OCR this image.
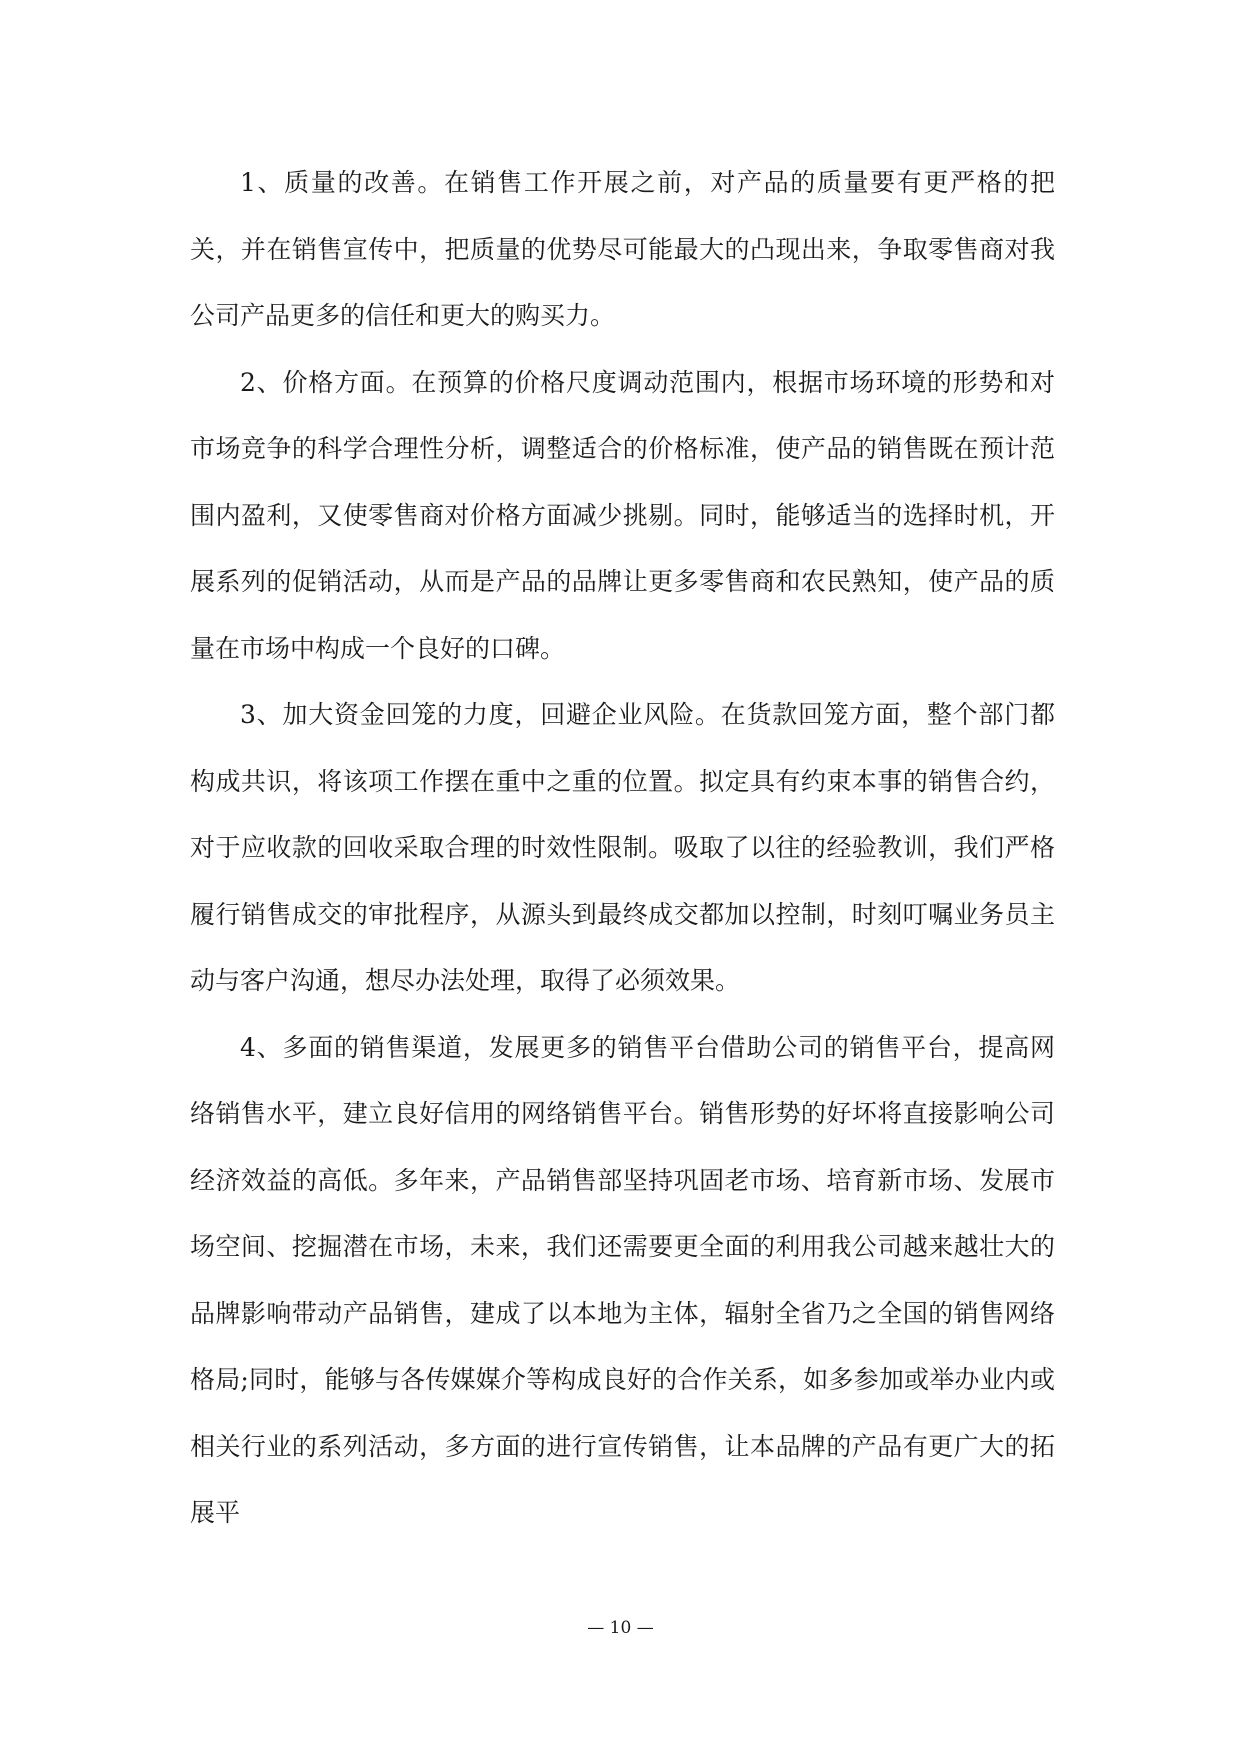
1、质量的改善。在销售工作开展之前，对产品的质量要有更严格的把关，并在销售宣传中，把质量的优势尽可能最大的凸现出来，争取零售商对我公司产品更多的信任和更大的购买力。

2、价格方面。在预算的价格尺度调动范围内，根据市场环境的形势和对市场竞争的科学合理性分析，调整适合的价格标准，使产品的销售既在预计范围内盈利，又使零售商对价格方面减少挑剔。同时，能够适当的选择时机，开展系列的促销活动，从而是产品的品牌让更多零售商和农民熟知，使产品的质量在市场中构成一个良好的口碑。

3、加大资金回笼的力度，回避企业风险。在货款回笼方面，整个部门都构成共识，将该项工作摆在重中之重的位置。拟定具有约束本事的销售合约，对于应收款的回收采取合理的时效性限制。吸取了以往的经验教训，我们严格履行销售成交的审批程序，从源头到最终成交都加以控制，时刻叮嘱业务员主动与客户沟通，想尽办法处理，取得了必须效果。

4、多面的销售渠道，发展更多的销售平台借助公司的销售平台，提高网络销售水平，建立良好信用的网络销售平台。销售形势的好坏将直接影响公司经济效益的高低。多年来，产品销售部坚持巩固老市场、培育新市场、发展市场空间、挖掘潜在市场，未来，我们还需要更全面的利用我公司越来越壮大的品牌影响带动产品销售，建成了以本地为主体，辐射全省乃之全国的销售网络格局;同时，能够与各传媒媒介等构成良好的合作关系，如多参加或举办业内或相关行业的系列活动，多方面的进行宣传销售，让本品牌的产品有更广大的拓展平

— 10 —
